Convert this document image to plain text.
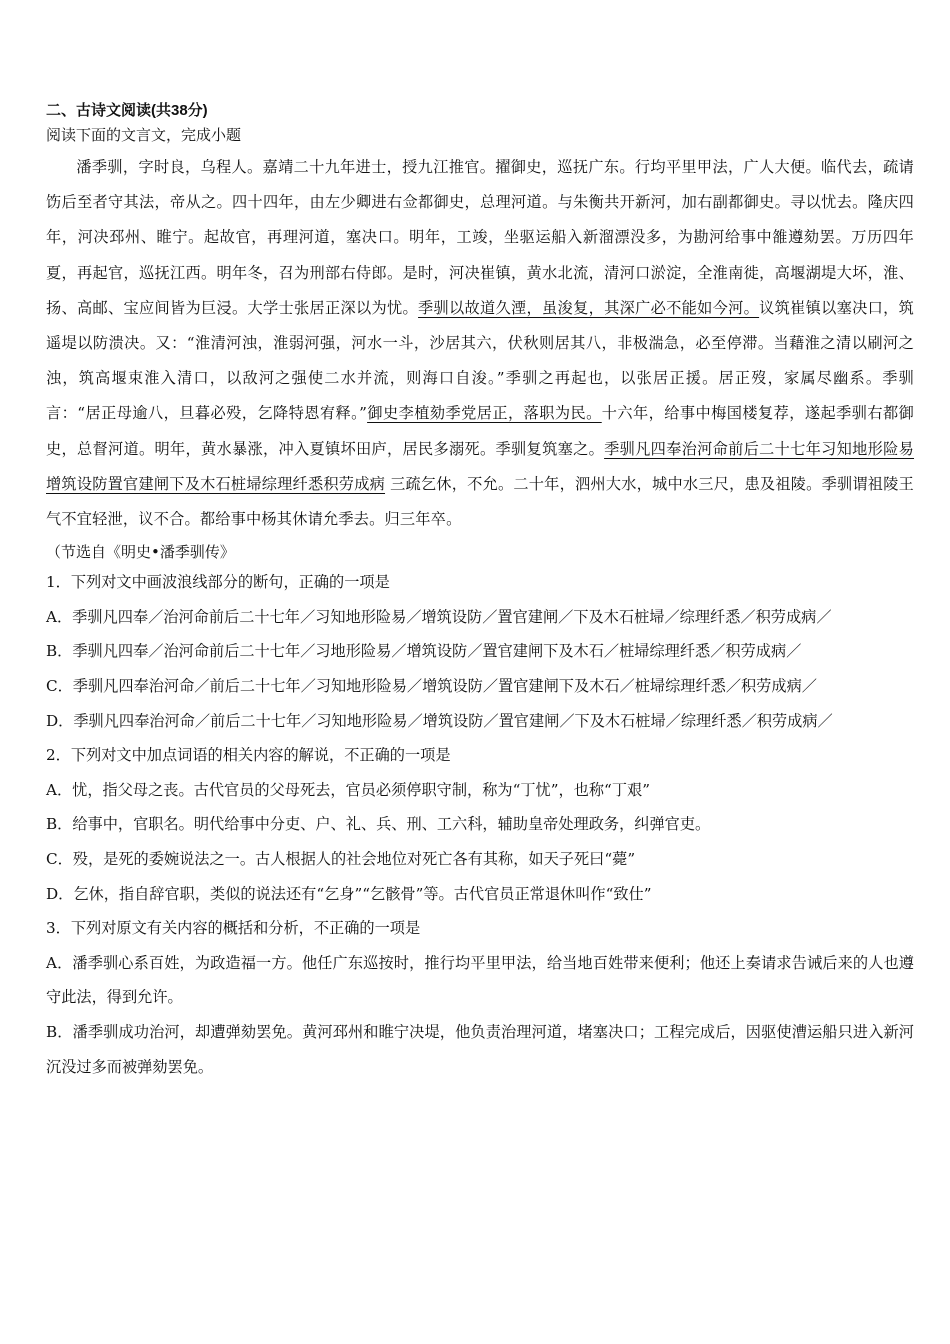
二、古诗文阅读(共38分)

阅读下面的文言文，完成小题

潘季驯，字时良，乌程人。嘉靖二十九年进士，授九江推官。擢御史，巡抚广东。行均平里甲法，广人大便。临代去，疏请饬后至者守其法，帝从之。四十四年，由左少卿进右佥都御史，总理河道。与朱衡共开新河，加右副都御史。寻以忧去。隆庆四年，河决邳州、睢宁。起故官，再理河道，塞决口。明年，工竣，坐驱运船入新溜漂没多，为勘河给事中雒遵劾罢。万历四年夏，再起官，巡抚江西。明年冬，召为刑部右侍郎。是时，河决崔镇，黄水北流，清河口淤淀，全淮南徙，高堰湖堤大坏，淮、扬、高邮、宝应间皆为巨浸。大学士张居正深以为忧。季驯以故道久湮，虽浚复，其深广必不能如今河。议筑崔镇以塞决口，筑遥堤以防溃决。又：“淮清河浊，淮弱河强，河水一斗，沙居其六，伏秋则居其八，非极湍急，必至停滞。当藉淮之清以刷河之浊，筑高堰束淮入清口，以敌河之强使二水并流，则海口自浚。”季驯之再起也，以张居正援。居正歿，家属尽幽系。季驯言：“居正母逾八，旦暮必殁，乞降特恩宥释。”御史李植劾季党居正，落职为民。十六年，给事中梅国楼复荐，遂起季驯右都御史，总督河道。明年，黄水暴涨，冲入夏镇坏田庐，居民多溺死。季驯复筑塞之。季驯凡四奉治河命前后二十七年习知地形险易增筑设防置官建闸下及木石桩埽综理纤悉积劳成病 三疏乞休，不允。二十年，泗州大水，城中水三尺，患及祖陵。季驯谓祖陵王气不宜轻泄，议不合。都给事中杨其休请允季去。归三年卒。

（节选自《明史•潘季驯传》

1．下列对文中画波浪线部分的断句，正确的一项是

A．季驯凡四奉／治河命前后二十七年／习知地形险易／增筑设防／置官建闸／下及木石桩埽／综理纤悉／积劳成病／

B．季驯凡四奉／治河命前后二十七年／习地形险易／增筑设防／置官建闸下及木石／桩埽综理纤悉／积劳成病／

C．季驯凡四奉治河命／前后二十七年／习知地形险易／增筑设防／置官建闸下及木石／桩埽综理纤悉／积劳成病／

D．季驯凡四奉治河命／前后二十七年／习知地形险易／增筑设防／置官建闸／下及木石桩埽／综理纤悉／积劳成病／

2．下列对文中加点词语的相关内容的解说，不正确的一项是

A．忧，指父母之丧。古代官员的父母死去，官员必须停职守制，称为“丁忧”，也称“丁艰”

B．给事中，官职名。明代给事中分吏、户、礼、兵、刑、工六科，辅助皇帝处理政务，纠弹官吏。

C．殁，是死的委婉说法之一。古人根据人的社会地位对死亡各有其称，如天子死曰“薨”

D．乞休，指自辞官职，类似的说法还有“乞身”“乞骸骨”等。古代官员正常退休叫作“致仕”

3．下列对原文有关内容的概括和分析，不正确的一项是

A．潘季驯心系百姓，为政造福一方。他任广东巡按时，推行均平里甲法，给当地百姓带来便利；他还上奏请求告诫后来的人也遵守此法，得到允许。

B．潘季驯成功治河，却遭弹劾罢免。黄河邳州和睢宁决堤，他负责治理河道，堵塞决口；工程完成后，因驱使漕运船只进入新河沉没过多而被弹劾罢免。
